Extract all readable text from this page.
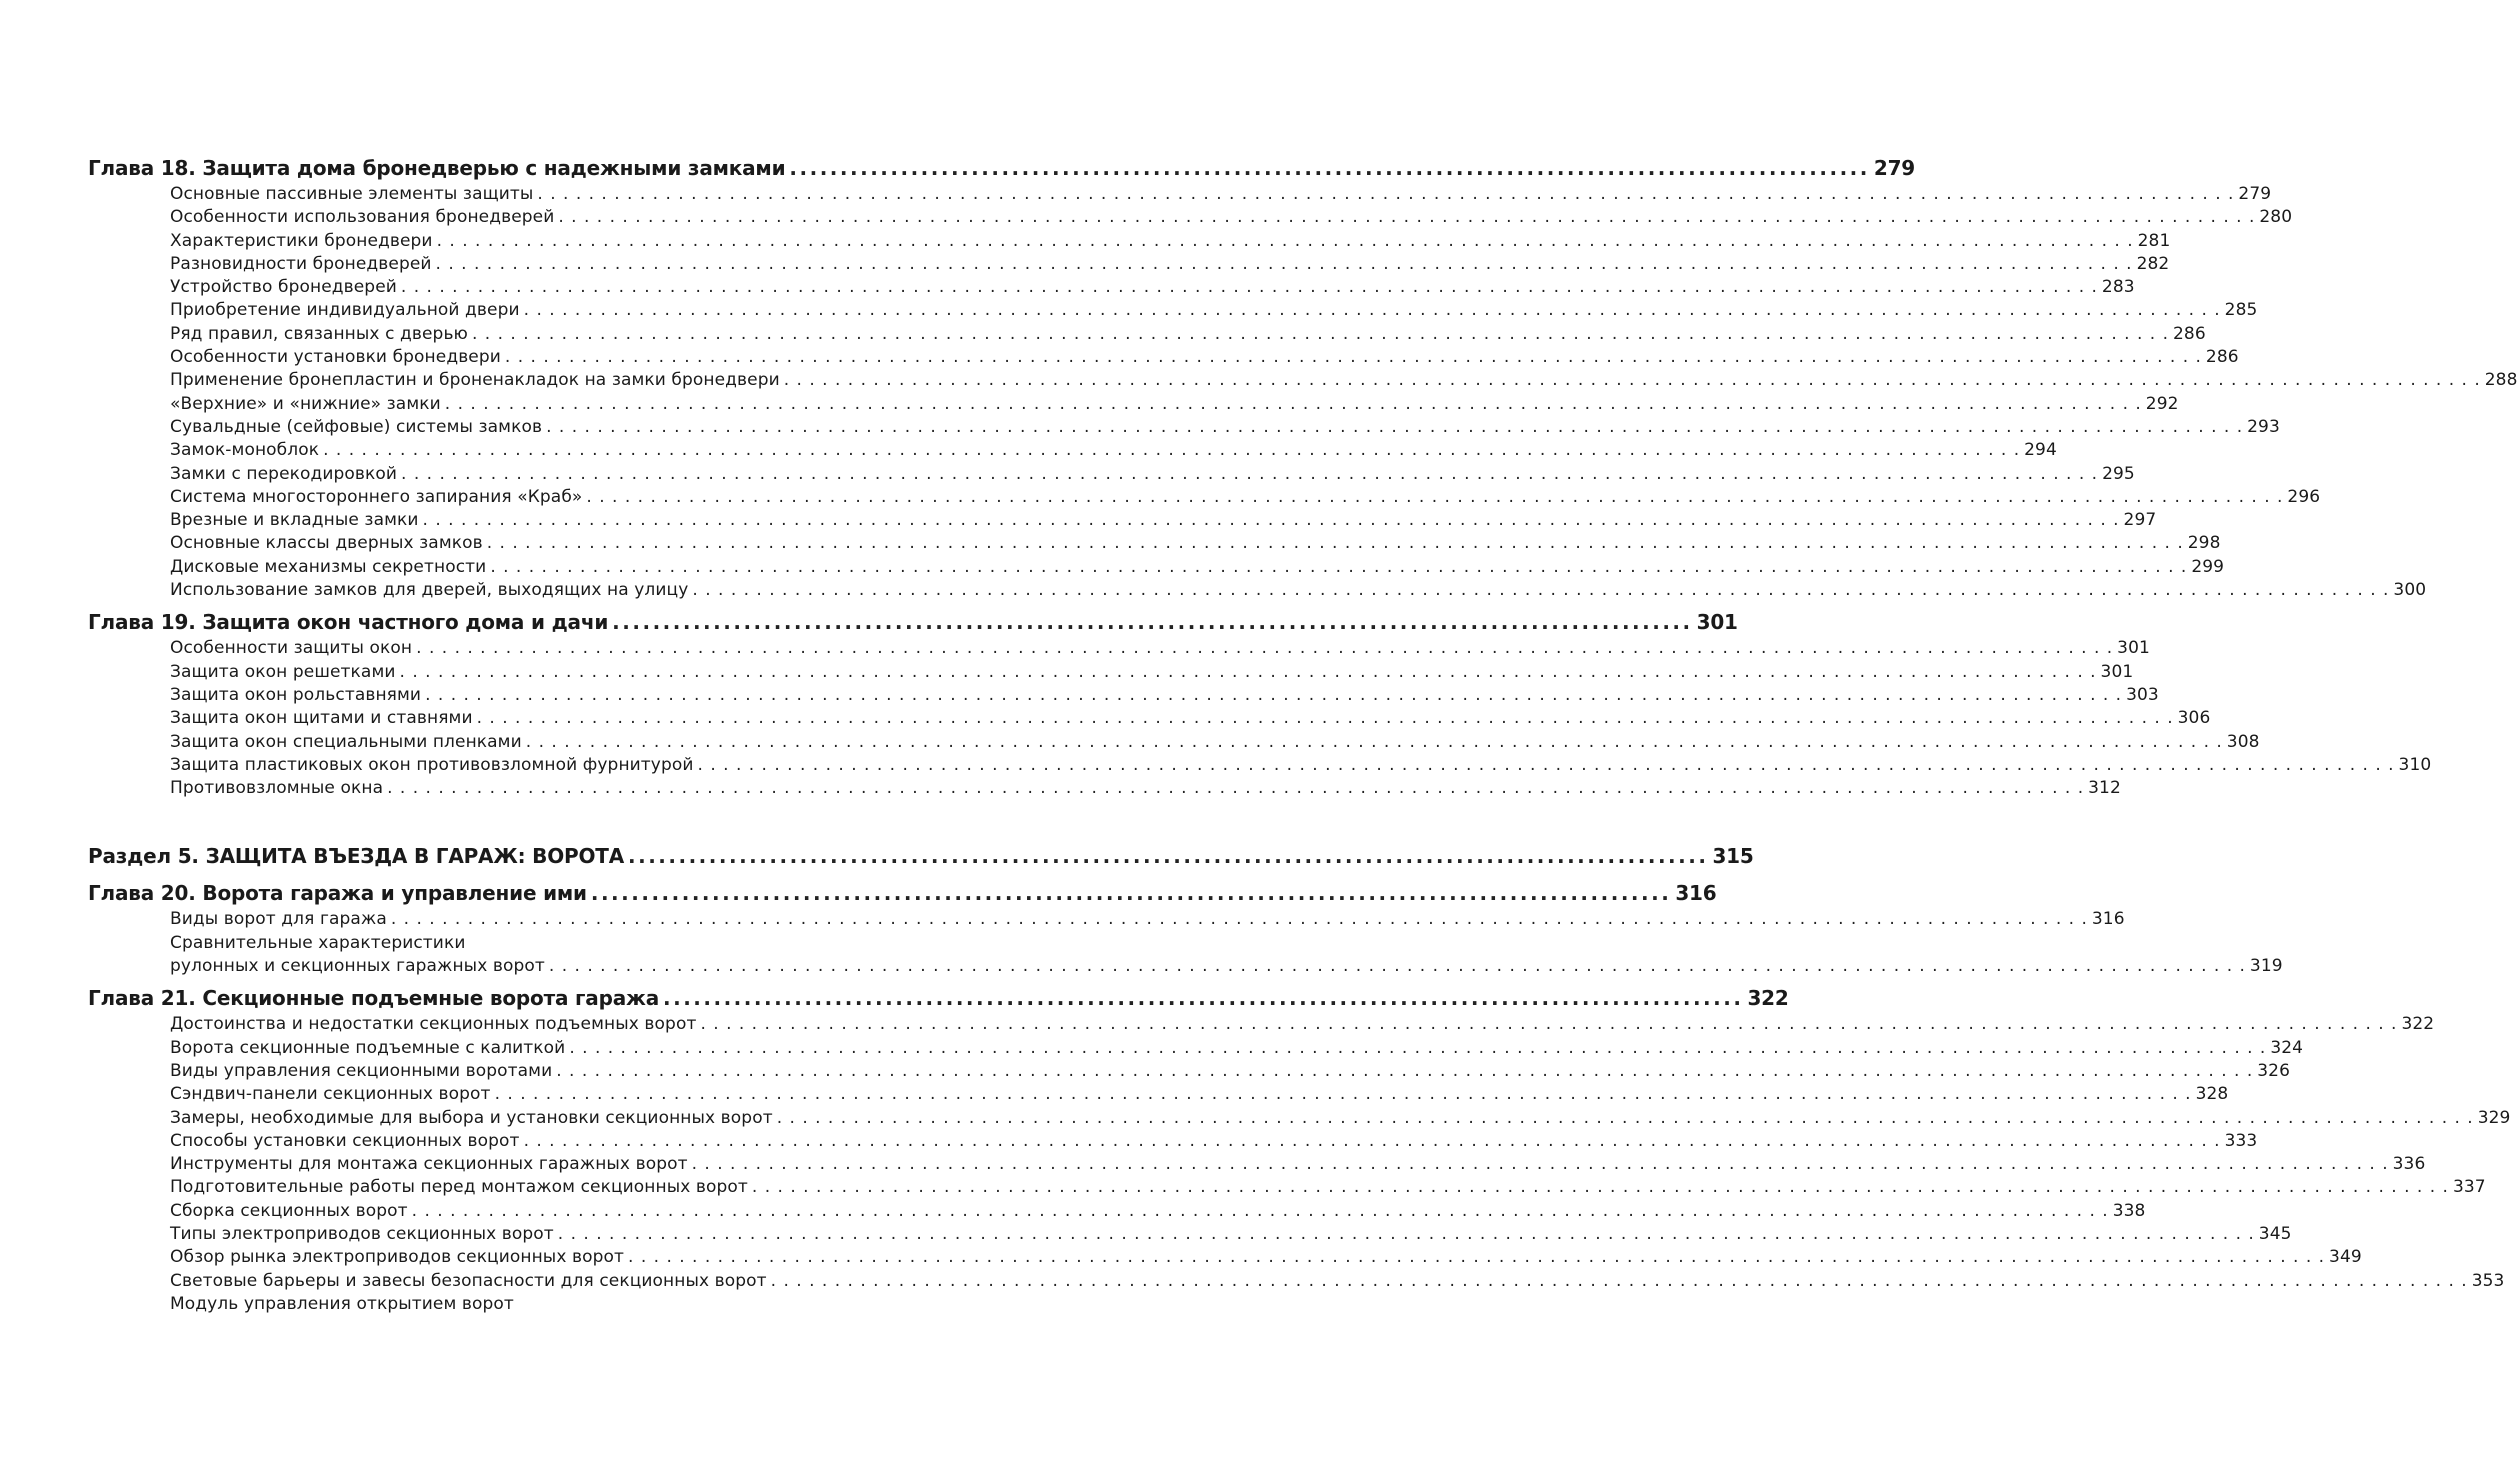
Глава 18. Защита дома бронедверью с надежными замками .....	279
Основные пассивные элементы защиты . . .	279
Особенности использования бронедверей . . .	280
Характеристики бронедвери . . .	281
Разновидности бронедверей . . .	282
Устройство бронедверей . . .	283
Приобретение индивидуальной двери . . .	285
Ряд правил, связанных с дверью . . .	286
Особенности установки бронедвери . . .	286
Применение бронепластин и броненакладок на замки бронедвери . . .	288
«Верхние» и «нижние» замки . . .	292
Сувальдные (сейфовые) системы замков . . .	293
Замок-моноблок . . .	294
Замки с перекодировкой . . .	295
Система многостороннего запирания «Краб» . . .	296
Врезные и вкладные замки . . .	297
Основные классы дверных замков . . .	298
Дисковые механизмы секретности . . .	299
Использование замков для дверей, выходящих на улицу . . .	300
Глава 19. Защита окон частного дома и дачи .....	301
Особенности защиты окон . . .	301
Защита окон решетками . . .	301
Защита окон рольставнями . . .	303
Защита окон щитами и ставнями . . .	306
Защита окон специальными пленками . . .	308
Защита пластиковых окон противовзломной фурнитурой . . .	310
Противовзломные окна . . .	312
Раздел 5. ЗАЩИТА ВЪЕЗДА В ГАРАЖ: ВОРОТА .....	315
Глава 20. Ворота гаража и управление ими .....	316
Виды ворот для гаража . . .	316
Сравнительные характеристики
рулонных и секционных гаражных ворот . . .	319
Глава 21. Секционные подъемные ворота гаража .....	322
Достоинства и недостатки секционных подъемных ворот . . .	322
Ворота секционные подъемные с калиткой . . .	324
Виды управления секционными воротами . . .	326
Сэндвич-панели секционных ворот . . .	328
Замеры, необходимые для выбора и установки секционных ворот . . .	329
Способы установки секционных ворот . . .	333
Инструменты для монтажа секционных гаражных ворот . . .	336
Подготовительные работы перед монтажом секционных ворот . . .	337
Сборка секционных ворот . . .	338
Типы электроприводов секционных ворот . . .	345
Обзор рынка электроприводов секционных ворот . . .	349
Световые барьеры и завесы безопасности для секционных ворот . . .	353
Модуль управления открытием ворот
